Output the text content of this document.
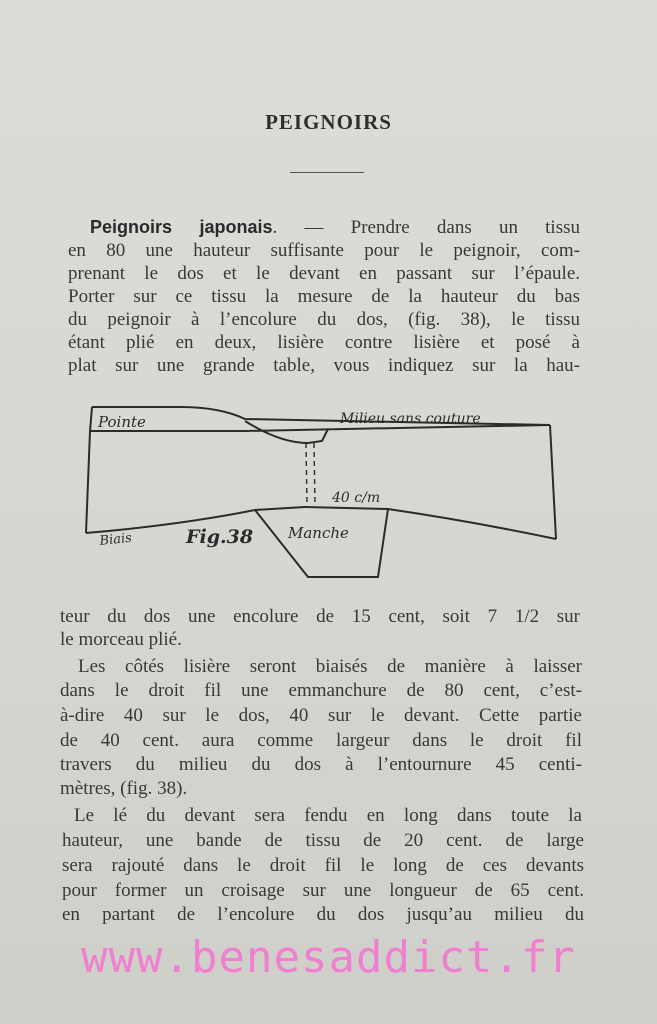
PEIGNOIRS
Peignoirs japonais. — Prendre dans un tissu
en 80 une hauteur suffisante pour le peignoir, com-
prenant le dos et le devant en passant sur l’épaule.
Porter sur ce tissu la mesure de la hauteur du bas
du peignoir à l’encolure du dos, (fig. 38), le tissu
étant plié en deux, lisière contre lisière et posé à
plat sur une grande table, vous indiquez sur la hau-
Pointe	Milieu sans couture
40 c/m
Biais	Fig.38 Manche
teur du dos une encolure de 15 cent, soit 7 1/2 sur
le morceau plié.
Les côtés lisière seront biaisés de manière à laisser
dans le droit fil une emmanchure de 80 cent, c’est-
à-dire 40 sur le dos, 40 sur le devant. Cette partie
de 40 cent. aura comme largeur dans le droit fil
travers du milieu du dos à l’entournure 45 centi-
mètres, (fig. 38).
Le lé du devant sera fendu en long dans toute la
hauteur, une bande de tissu de 20 cent. de large
sera rajouté dans le droit fil le long de ces devants
pour former un croisage sur une longueur de 65 cent.
en partant de l’encolure du dos jusqu’au milieu du
www.benesaddict.fr
